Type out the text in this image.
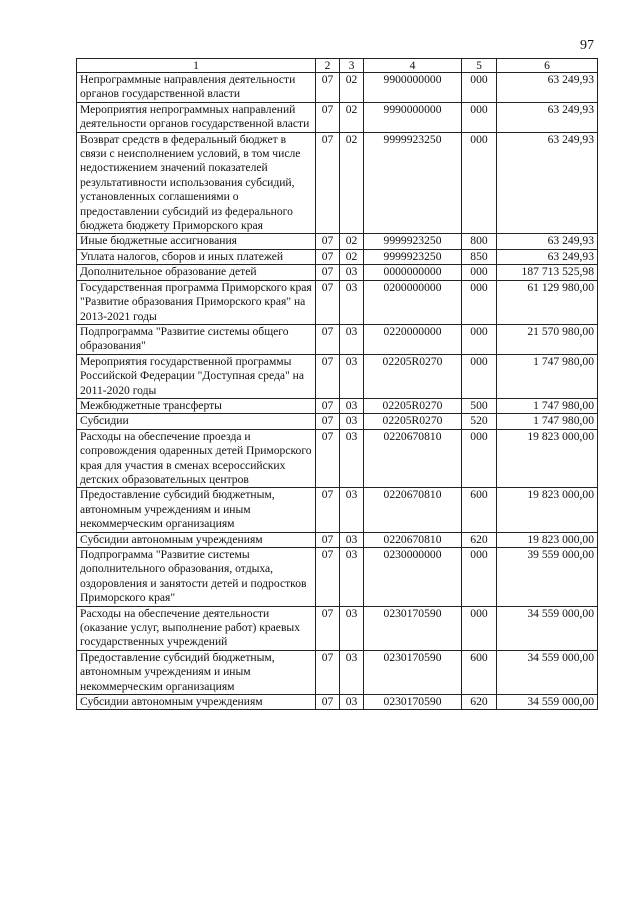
97
1	2	3	4	5	6
Непрограммные направления деятельности органов государственной власти	07	02	9900000000	000	63 249,93
Мероприятия непрограммных направлений деятельности органов государственной власти	07	02	9990000000	000	63 249,93
Возврат средств в федеральный бюджет в связи с неисполнением условий, в том числе недостижением значений показателей результативности использования субсидий, установленных соглашениями о предоставлении субсидий из федерального бюджета бюджету Приморского края	07	02	9999923250	000	63 249,93
Иные бюджетные ассигнования	07	02	9999923250	800	63 249,93
Уплата налогов, сборов и иных платежей	07	02	9999923250	850	63 249,93
Дополнительное образование детей	07	03	0000000000	000	187 713 525,98
Государственная программа Приморского края "Развитие образования Приморского края" на 2013-2021 годы	07	03	0200000000	000	61 129 980,00
Подпрограмма "Развитие системы общего образования"	07	03	0220000000	000	21 570 980,00
Мероприятия государственной программы Российской Федерации "Доступная среда" на 2011-2020 годы	07	03	02205R0270	000	1 747 980,00
Межбюджетные трансферты	07	03	02205R0270	500	1 747 980,00
Субсидии	07	03	02205R0270	520	1 747 980,00
Расходы на обеспечение проезда и сопровождения одаренных детей Приморского края для участия в сменах всероссийских детских образовательных центров	07	03	0220670810	000	19 823 000,00
Предоставление субсидий бюджетным, автономным учреждениям и иным некоммерческим организациям	07	03	0220670810	600	19 823 000,00
Субсидии автономным учреждениям	07	03	0220670810	620	19 823 000,00
Подпрограмма "Развитие системы дополнительного образования, отдыха, оздоровления и занятости детей и подростков Приморского края"	07	03	0230000000	000	39 559 000,00
Расходы на обеспечение деятельности (оказание услуг, выполнение работ) краевых государственных учреждений	07	03	0230170590	000	34 559 000,00
Предоставление субсидий бюджетным, автономным учреждениям и иным некоммерческим организациям	07	03	0230170590	600	34 559 000,00
Субсидии автономным учреждениям	07	03	0230170590	620	34 559 000,00
